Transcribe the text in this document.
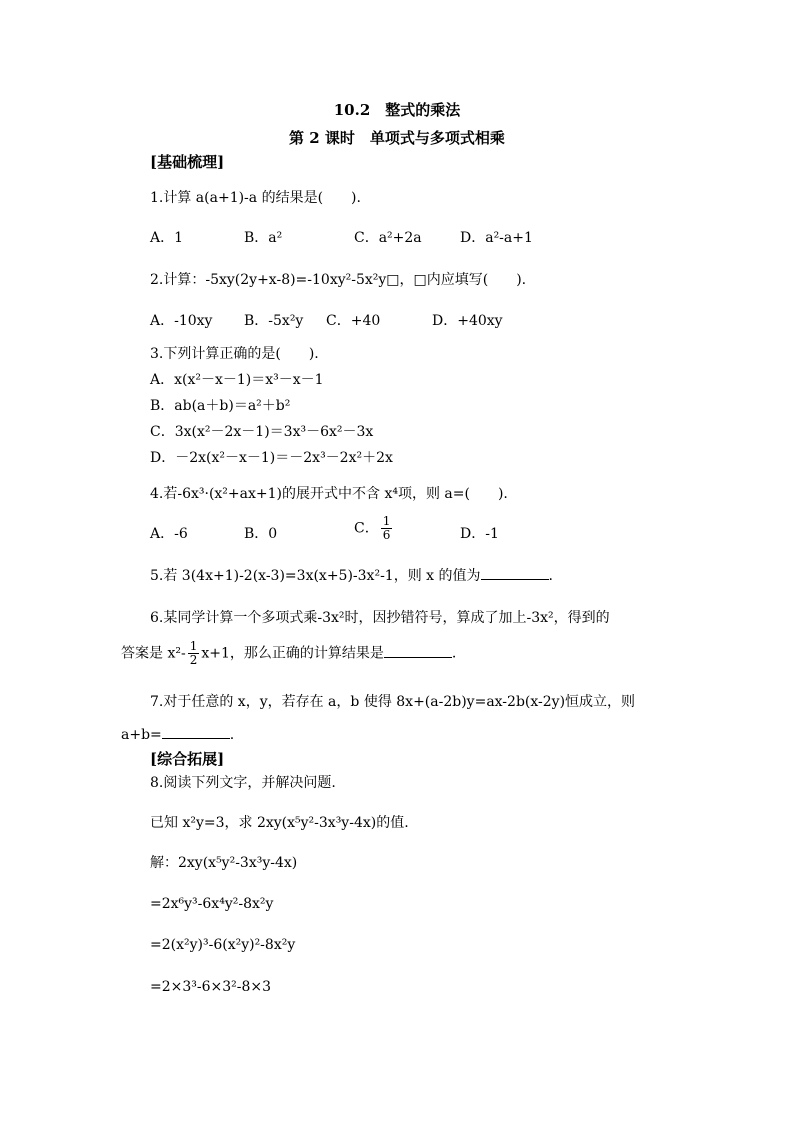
10.2　整式的乘法
第 2 课时　单项式与多项式相乘
[基础梳理]
1.计算 a(a+1)-a 的结果是(　　).
A．1	B．a²	C．a²+2a	D．a²-a+1
2.计算：-5xy(2y+x-8)=-10xy²-5x²y□，□内应填写(　　).
A．-10xy B．-5x²y C．+40	D．+40xy
3.下列计算正确的是(　　).
A．x(x²－x－1)＝x³－x－1
B．ab(a＋b)＝a²＋b²
C．3x(x²－2x－1)＝3x³－6x²－3x
D．－2x(x²－x－1)＝－2x³－2x²＋2x
4.若-6x³·(x²+ax+1)的展开式中不含 x⁴项，则 a=(　　).
A．-6	B．0	C． $\frac{1}{6}$	D．-1
5.若 3(4x+1)-2(x-3)=3x(x+5)-3x²-1，则 x 的值为	.
6.某同学计算一个多项式乘-3x²时，因抄错符号，算成了加上-3x²，得到的
答案是 $x^2- \frac{1}{2} x+1$，那么正确的计算结果是	.
7.对于任意的 x，y，若存在 a，b 使得 8x+(a-2b)y=ax-2b(x-2y)恒成立，则
a+b=	.
[综合拓展]
8.阅读下列文字，并解决问题.
已知 x²y=3，求 2xy(x⁵y²-3x³y-4x)的值.
解：2xy(x⁵y²-3x³y-4x)
=2x⁶y³-6x⁴y²-8x²y
=2(x²y)³-6(x²y)²-8x²y
=2×3³-6×3²-8×3
